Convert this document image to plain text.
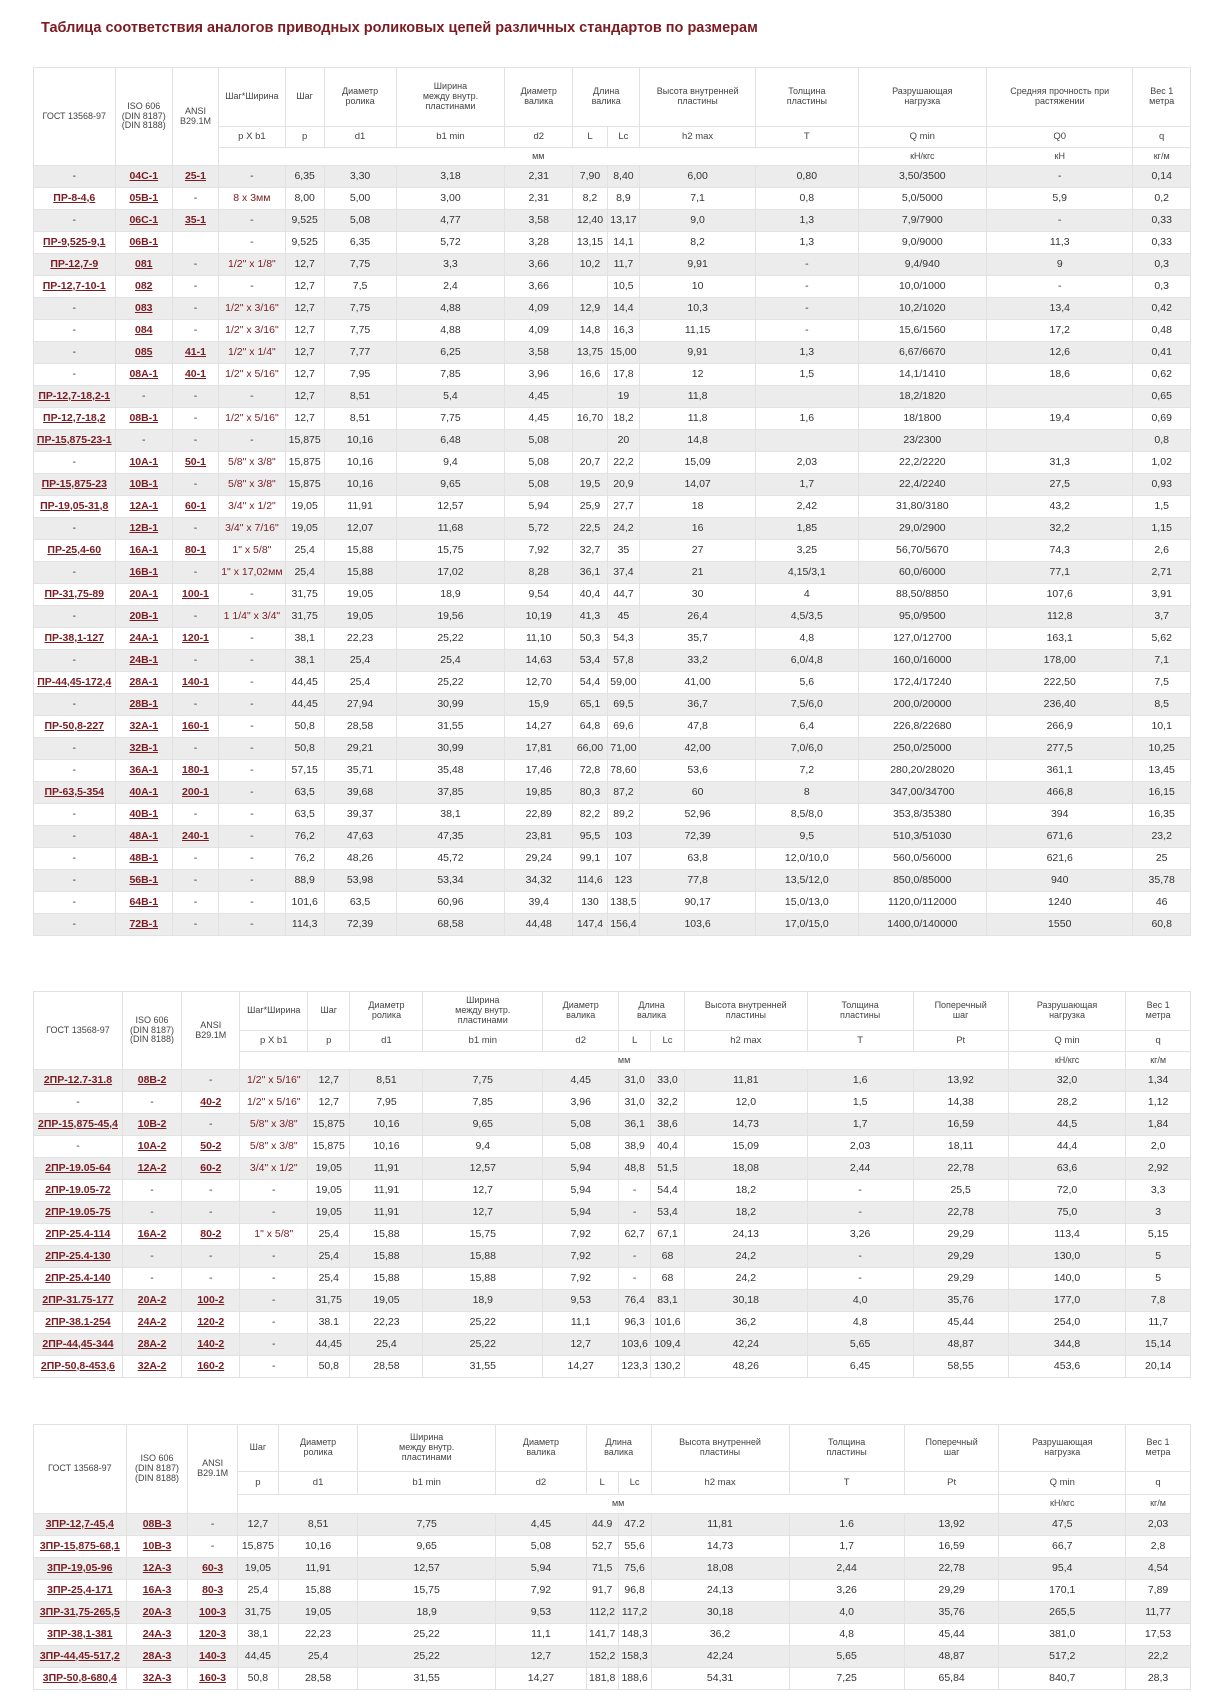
Таблица соответствия аналогов приводных роликовых цепей различных стандартов по размерам
ГОСТ 13568-97	ISO 606
(DIN 8187)
(DIN 8188)	ANSI
B29.1M	Шаг*Ширина	Шаг	Диаметр
ролика	Ширина
между внутр.
пластинами	Диаметр
валика	Длина
валика		Высота внутренней
пластины	Толщина
пластины	Разрушающая
нагрузка	Средняя прочность при
растяжении	Вес 1
метра
			p X b1	p	d1	b1 min	d2	L	Lc	h2 max	T	Q min	Q0	q
			мм									кН/кгс	кН	кг/м
-	04C-1	25-1	-	6,35	3,30	3,18	2,31	7,90	8,40	6,00	0,80	3,50/3500	-	0,14
ПР-8-4,6	05B-1	-	8 x 3мм	8,00	5,00	3,00	2,31	8,2	8,9	7,1	0,8	5,0/5000	5,9	0,2
-	06C-1	35-1	-	9,525	5,08	4,77	3,58	12,40	13,17	9,0	1,3	7,9/7900	-	0,33
ПР-9,525-9,1	06B-1		-	9,525	6,35	5,72	3,28	13,15	14,1	8,2	1,3	9,0/9000	11,3	0,33
ПР-12,7-9	081	-	1/2" x 1/8"	12,7	7,75	3,3	3,66	10,2	11,7	9,91	-	9,4/940	9	0,3
ПР-12,7-10-1	082	-	-	12,7	7,5	2,4	3,66		10,5	10	-	10,0/1000	-	0,3
-	083	-	1/2" x 3/16"	12,7	7,75	4,88	4,09	12,9	14,4	10,3	-	10,2/1020	13,4	0,42
-	084	-	1/2" x 3/16"	12,7	7,75	4,88	4,09	14,8	16,3	11,15	-	15,6/1560	17,2	0,48
-	085	41-1	1/2" x 1/4"	12,7	7,77	6,25	3,58	13,75	15,00	9,91	1,3	6,67/6670	12,6	0,41
-	08A-1	40-1	1/2" x 5/16"	12,7	7,95	7,85	3,96	16,6	17,8	12	1,5	14,1/1410	18,6	0,62
ПР-12,7-18,2-1	-	-	-	12,7	8,51	5,4	4,45		19	11,8		18,2/1820		0,65
ПР-12,7-18,2	08B-1	-	1/2" x 5/16"	12,7	8,51	7,75	4,45	16,70	18,2	11,8	1,6	18/1800	19,4	0,69
ПР-15,875-23-1	-	-	-	15,875	10,16	6,48	5,08		20	14,8		23/2300		0,8
-	10A-1	50-1	5/8" x 3/8"	15,875	10,16	9,4	5,08	20,7	22,2	15,09	2,03	22,2/2220	31,3	1,02
ПР-15,875-23	10B-1	-	5/8" x 3/8"	15,875	10,16	9,65	5,08	19,5	20,9	14,07	1,7	22,4/2240	27,5	0,93
ПР-19,05-31,8	12A-1	60-1	3/4" x 1/2"	19,05	11,91	12,57	5,94	25,9	27,7	18	2,42	31,80/3180	43,2	1,5
-	12B-1	-	3/4" x 7/16"	19,05	12,07	11,68	5,72	22,5	24,2	16	1,85	29,0/2900	32,2	1,15
ПР-25,4-60	16A-1	80-1	1" x 5/8"	25,4	15,88	15,75	7,92	32,7	35	27	3,25	56,70/5670	74,3	2,6
-	16B-1	-	1" x 17,02мм	25,4	15,88	17,02	8,28	36,1	37,4	21	4,15/3,1	60,0/6000	77,1	2,71
ПР-31,75-89	20A-1	100-1	-	31,75	19,05	18,9	9,54	40,4	44,7	30	4	88,50/8850	107,6	3,91
-	20B-1	-	1 1/4" x 3/4"	31,75	19,05	19,56	10,19	41,3	45	26,4	4,5/3,5	95,0/9500	112,8	3,7
ПР-38,1-127	24A-1	120-1	-	38,1	22,23	25,22	11,10	50,3	54,3	35,7	4,8	127,0/12700	163,1	5,62
-	24B-1	-	-	38,1	25,4	25,4	14,63	53,4	57,8	33,2	6,0/4,8	160,0/16000	178,00	7,1
ПР-44,45-172,4	28A-1	140-1	-	44,45	25,4	25,22	12,70	54,4	59,00	41,00	5,6	172,4/17240	222,50	7,5
-	28B-1	-	-	44,45	27,94	30,99	15,9	65,1	69,5	36,7	7,5/6,0	200,0/20000	236,40	8,5
ПР-50,8-227	32A-1	160-1	-	50,8	28,58	31,55	14,27	64,8	69,6	47,8	6,4	226,8/22680	266,9	10,1
-	32B-1	-	-	50,8	29,21	30,99	17,81	66,00	71,00	42,00	7,0/6,0	250,0/25000	277,5	10,25
-	36A-1	180-1	-	57,15	35,71	35,48	17,46	72,8	78,60	53,6	7,2	280,20/28020	361,1	13,45
ПР-63,5-354	40A-1	200-1	-	63,5	39,68	37,85	19,85	80,3	87,2	60	8	347,00/34700	466,8	16,15
-	40B-1	-	-	63,5	39,37	38,1	22,89	82,2	89,2	52,96	8,5/8,0	353,8/35380	394	16,35
-	48A-1	240-1	-	76,2	47,63	47,35	23,81	95,5	103	72,39	9,5	510,3/51030	671,6	23,2
-	48B-1	-	-	76,2	48,26	45,72	29,24	99,1	107	63,8	12,0/10,0	560,0/56000	621,6	25
-	56B-1	-	-	88,9	53,98	53,34	34,32	114,6	123	77,8	13,5/12,0	850,0/85000	940	35,78
-	64B-1	-	-	101,6	63,5	60,96	39,4	130	138,5	90,17	15,0/13,0	1120,0/112000	1240	46
-	72B-1	-	-	114,3	72,39	68,58	44,48	147,4	156,4	103,6	17,0/15,0	1400,0/140000	1550	60,8
ГОСТ 13568-97	ISO 606
(DIN 8187)
(DIN 8188)	ANSI
B29.1M	Шаг*Ширина	Шаг	Диаметр
ролика	Ширина
между внутр.
пластинами	Диаметр
валика	Длина
валика		Высота внутренней
пластины	Толщина
пластины	Поперечный
шаг	Разрушающая
нагрузка	Вес 1
метра
			p X b1	p	d1	b1 min	d2	L	Lc	h2 max	T	Pt	Q min	q
			мм										кН/кгс	кг/м
2ПР-12.7-31.8	08B-2	-	1/2" x 5/16"	12,7	8,51	7,75	4,45	31,0	33,0	11,81	1,6	13,92	32,0	1,34
-	-	40-2	1/2" x 5/16"	12,7	7,95	7,85	3,96	31,0	32,2	12,0	1,5	14,38	28,2	1,12
2ПР-15,875-45,4	10B-2	-	5/8" x 3/8"	15,875	10,16	9,65	5,08	36,1	38,6	14,73	1,7	16,59	44,5	1,84
-	10A-2	50-2	5/8" x 3/8"	15,875	10,16	9,4	5,08	38,9	40,4	15,09	2,03	18,11	44,4	2,0
2ПР-19.05-64	12A-2	60-2	3/4" x 1/2"	19,05	11,91	12,57	5,94	48,8	51,5	18,08	2,44	22,78	63,6	2,92
2ПР-19.05-72	-	-	-	19,05	11,91	12,7	5,94	-	54,4	18,2	-	25,5	72,0	3,3
2ПР-19.05-75	-	-	-	19,05	11,91	12,7	5,94	-	53,4	18,2	-	22,78	75,0	3
2ПР-25.4-114	16A-2	80-2	1" x 5/8"	25,4	15,88	15,75	7,92	62,7	67,1	24,13	3,26	29,29	113,4	5,15
2ПР-25.4-130	-	-	-	25,4	15,88	15,88	7,92	-	68	24,2	-	29,29	130,0	5
2ПР-25.4-140	-	-	-	25,4	15,88	15,88	7,92	-	68	24,2	-	29,29	140,0	5
2ПР-31.75-177	20A-2	100-2	-	31,75	19,05	18,9	9,53	76,4	83,1	30,18	4,0	35,76	177,0	7,8
2ПР-38.1-254	24A-2	120-2	-	38.1	22,23	25,22	11,1	96,3	101,6	36,2	4,8	45,44	254,0	11,7
2ПР-44,45-344	28A-2	140-2	-	44,45	25,4	25,22	12,7	103,6	109,4	42,24	5,65	48,87	344,8	15,14
2ПР-50,8-453,6	32A-2	160-2	-	50,8	28,58	31,55	14,27	123,3	130,2	48,26	6,45	58,55	453,6	20,14
ГОСТ 13568-97	ISO 606
(DIN 8187)
(DIN 8188)	ANSI
B29.1M	Шаг	Диаметр
ролика	Ширина
между внутр.
пластинами	Диаметр
валика	Длина
валика		Высота внутренней
пластины	Толщина
пластины	Поперечный
шаг	Разрушающая
нагрузка	Вес 1
метра
			p	d1	b1 min	d2	L	Lc	h2 max	T	Pt	Q min	q
			мм									кН/кгс	кг/м
3ПР-12,7-45,4	08B-3	-	12,7	8,51	7,75	4,45	44.9	47.2	11,81	1.6	13,92	47,5	2,03
3ПР-15,875-68,1	10B-3	-	15,875	10,16	9,65	5,08	52,7	55,6	14,73	1,7	16,59	66,7	2,8
3ПР-19,05-96	12A-3	60-3	19,05	11,91	12,57	5,94	71,5	75,6	18,08	2,44	22,78	95,4	4,54
3ПР-25,4-171	16A-3	80-3	25,4	15,88	15,75	7,92	91,7	96,8	24,13	3,26	29,29	170,1	7,89
3ПР-31,75-265,5	20A-3	100-3	31,75	19,05	18,9	9,53	112,2	117,2	30,18	4,0	35,76	265,5	11,77
3ПР-38,1-381	24A-3	120-3	38,1	22,23	25,22	11,1	141,7	148,3	36,2	4,8	45,44	381,0	17,53
3ПР-44,45-517,2	28A-3	140-3	44,45	25,4	25,22	12,7	152,2	158,3	42,24	5,65	48,87	517,2	22,2
3ПР-50,8-680,4	32A-3	160-3	50,8	28,58	31,55	14,27	181,8	188,6	54,31	7,25	65,84	840,7	28,3
